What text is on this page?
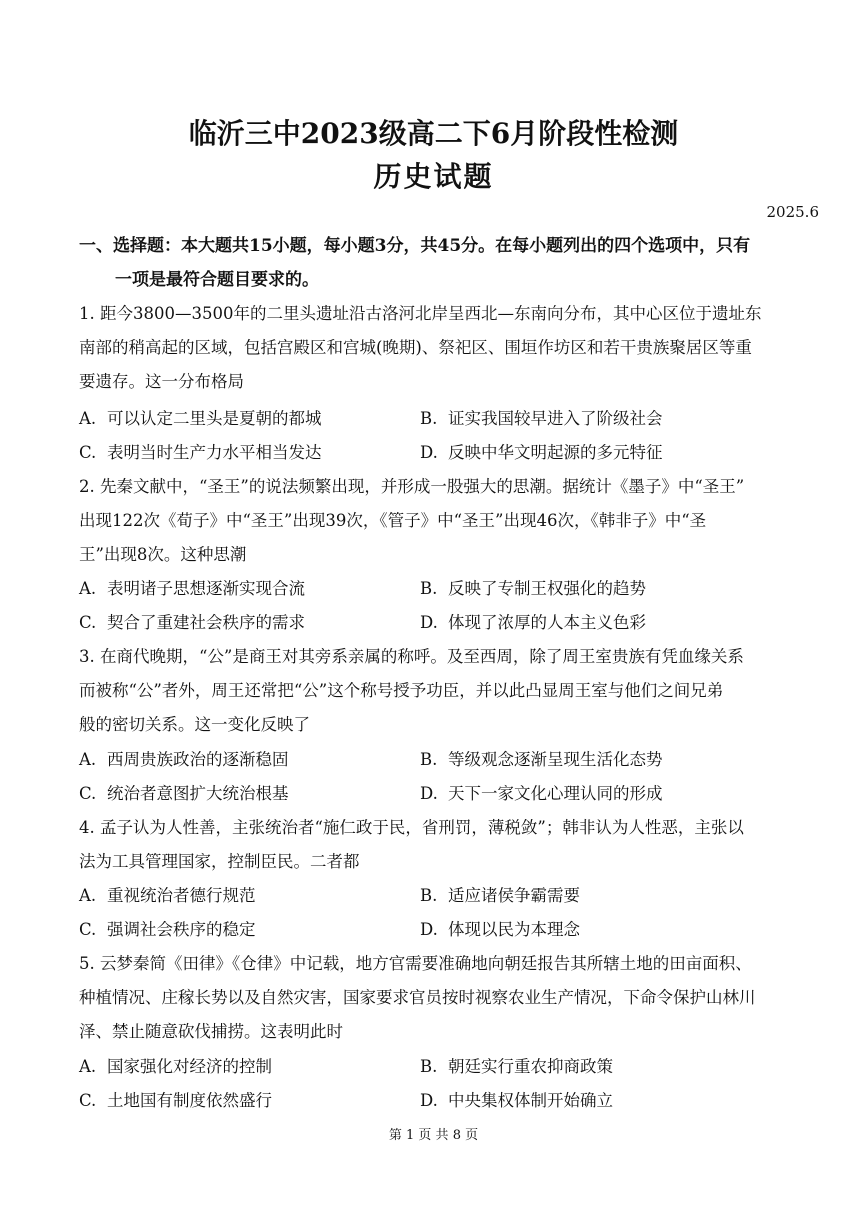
临沂三中2023级高二下6月阶段性检测
历史试题
2025.6
一、选择题：本大题共15小题，每小题3分，共45分。在每小题列出的四个选项中，只有
一项是最符合题目要求的。
1. 距今3800—3500年的二里头遗址沿古洛河北岸呈西北—东南向分布，其中心区位于遗址东
南部的稍高起的区域，包括宫殿区和宫城(晚期)、祭祀区、围垣作坊区和若干贵族聚居区等重
要遗存。这一分布格局
A. 可以认定二里头是夏朝的都城	B. 证实我国较早进入了阶级社会
C. 表明当时生产力水平相当发达	D. 反映中华文明起源的多元特征
2. 先秦文献中，“圣王”的说法频繁出现，并形成一股强大的思潮。据统计《墨子》中“圣王”
出现122次《荀子》中“圣王”出现39次，《管子》中“圣王”出现46次，《韩非子》中“圣
王”出现8次。这种思潮
A. 表明诸子思想逐渐实现合流	B. 反映了专制王权强化的趋势
C. 契合了重建社会秩序的需求	D. 体现了浓厚的人本主义色彩
3. 在商代晚期，“公”是商王对其旁系亲属的称呼。及至西周，除了周王室贵族有凭血缘关系
而被称“公”者外，周王还常把“公”这个称号授予功臣，并以此凸显周王室与他们之间兄弟
般的密切关系。这一变化反映了
A. 西周贵族政治的逐渐稳固	B. 等级观念逐渐呈现生活化态势
C. 统治者意图扩大统治根基	D. 天下一家文化心理认同的形成
4. 孟子认为人性善，主张统治者“施仁政于民，省刑罚，薄税敛”；韩非认为人性恶，主张以
法为工具管理国家，控制臣民。二者都
A. 重视统治者德行规范	B. 适应诸侯争霸需要
C. 强调社会秩序的稳定	D. 体现以民为本理念
5. 云梦秦简《田律》《仓律》中记载，地方官需要准确地向朝廷报告其所辖土地的田亩面积、
种植情况、庄稼长势以及自然灾害，国家要求官员按时视察农业生产情况，下命令保护山林川
泽、禁止随意砍伐捕捞。这表明此时
A. 国家强化对经济的控制	B. 朝廷实行重农抑商政策
C. 土地国有制度依然盛行	D. 中央集权体制开始确立
第 1 页 共 8 页
